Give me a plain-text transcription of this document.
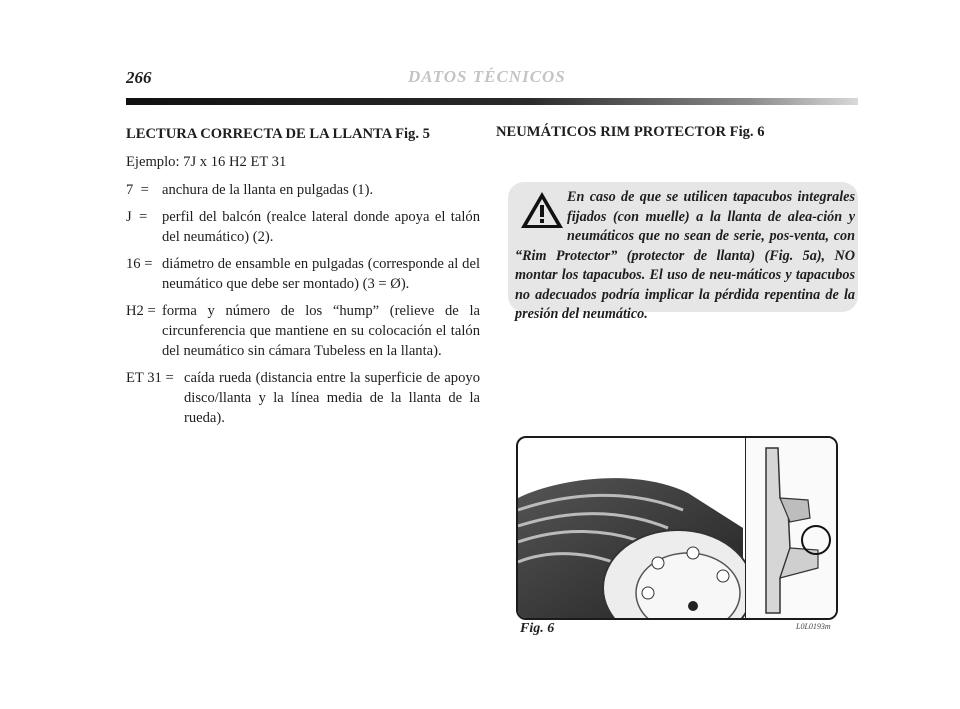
266	DATOS TÉCNICOS
LECTURA CORRECTA DE LA LLANTA Fig. 5
Ejemplo: 7J x 16 H2 ET 31
7  = anchura de la llanta en pulgadas (1).
J  = perfil del balcón (realce lateral donde apoya el talón del neumático) (2).
16 = diámetro de ensamble en pulgadas (corresponde al del neumático que debe ser montado) (3 = Ø).
H2 = forma y número de los “hump” (relieve de la circunferencia que mantiene en su colocación el talón del neumático sin cámara Tubeless en la llanta).
ET 31 = caída rueda (distancia entre la superficie de apoyo disco/llanta y la línea media de la llanta de la rueda).
NEUMÁTICOS RIM PROTECTOR Fig. 6
En caso de que se utilicen tapacubos integrales fijados (con muelle) a la llanta de alea-ción y neumáticos que no sean de serie, pos-venta, con “Rim Protector” (protector de llanta) (Fig. 5a), NO montar los tapacubos. El uso de neu-máticos y tapacubos no adecuados podría implicar la pérdida repentina de la presión del neumático.
Fig. 6	L0L0193m
